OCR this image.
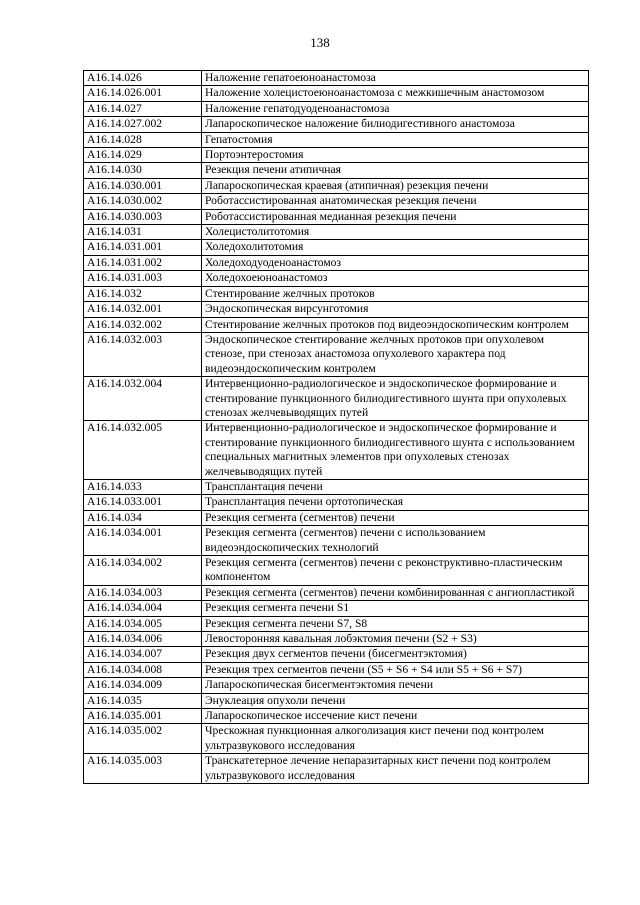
138
A16.14.026	Наложение гепатоеюноанастомоза
A16.14.026.001	Наложение холецистоеюноанастомоза с межкишечным анастомозом
A16.14.027	Наложение гепатодуоденоанастомоза
A16.14.027.002	Лапароскопическое наложение билиодигестивного анастомоза
A16.14.028	Гепатостомия
A16.14.029	Портоэнтеростомия
A16.14.030	Резекция печени атипичная
A16.14.030.001	Лапароскопическая краевая (атипичная) резекция печени
A16.14.030.002	Роботассистированная анатомическая резекция печени
A16.14.030.003	Роботассистированная медианная резекция печени
A16.14.031	Холецистолитотомия
A16.14.031.001	Холедохолитотомия
A16.14.031.002	Холедоходуоденоанастомоз
A16.14.031.003	Холедохоеюноанастомоз
A16.14.032	Стентирование желчных протоков
A16.14.032.001	Эндоскопическая вирсунготомия
A16.14.032.002	Стентирование желчных протоков под видеоэндоскопическим контролем
A16.14.032.003	Эндоскопическое стентирование желчных протоков при опухолевом стенозе, при стенозах анастомоза опухолевого характера под видеоэндоскопическим контролем
A16.14.032.004	Интервенционно-радиологическое и эндоскопическое формирование и стентирование пункционного билиодигестивного шунта при опухолевых стенозах желчевыводящих путей
A16.14.032.005	Интервенционно-радиологическое и эндоскопическое формирование и стентирование пункционного билиодигестивного шунта с использованием специальных магнитных элементов при опухолевых стенозах желчевыводящих путей
A16.14.033	Трансплантация печени
A16.14.033.001	Трансплантация печени ортотопическая
A16.14.034	Резекция сегмента (сегментов) печени
A16.14.034.001	Резекция сегмента (сегментов) печени с использованием видеоэндоскопических технологий
A16.14.034.002	Резекция сегмента (сегментов) печени с реконструктивно-пластическим компонентом
A16.14.034.003	Резекция сегмента (сегментов) печени комбинированная с ангиопластикой
A16.14.034.004	Резекция сегмента печени S1
A16.14.034.005	Резекция сегмента печени S7, S8
A16.14.034.006	Левосторонняя кавальная лобэктомия печени (S2 + S3)
A16.14.034.007	Резекция двух сегментов печени (бисегментэктомия)
A16.14.034.008	Резекция трех сегментов печени (S5 + S6 + S4 или S5 + S6 + S7)
A16.14.034.009	Лапароскопическая бисегментэктомия печени
A16.14.035	Энуклеация опухоли печени
A16.14.035.001	Лапароскопическое иссечение кист печени
A16.14.035.002	Чрескожная пункционная алкоголизация кист печени под контролем ультразвукового исследования
A16.14.035.003	Транскатетерное лечение непаразитарных кист печени под контролем ультразвукового исследования
